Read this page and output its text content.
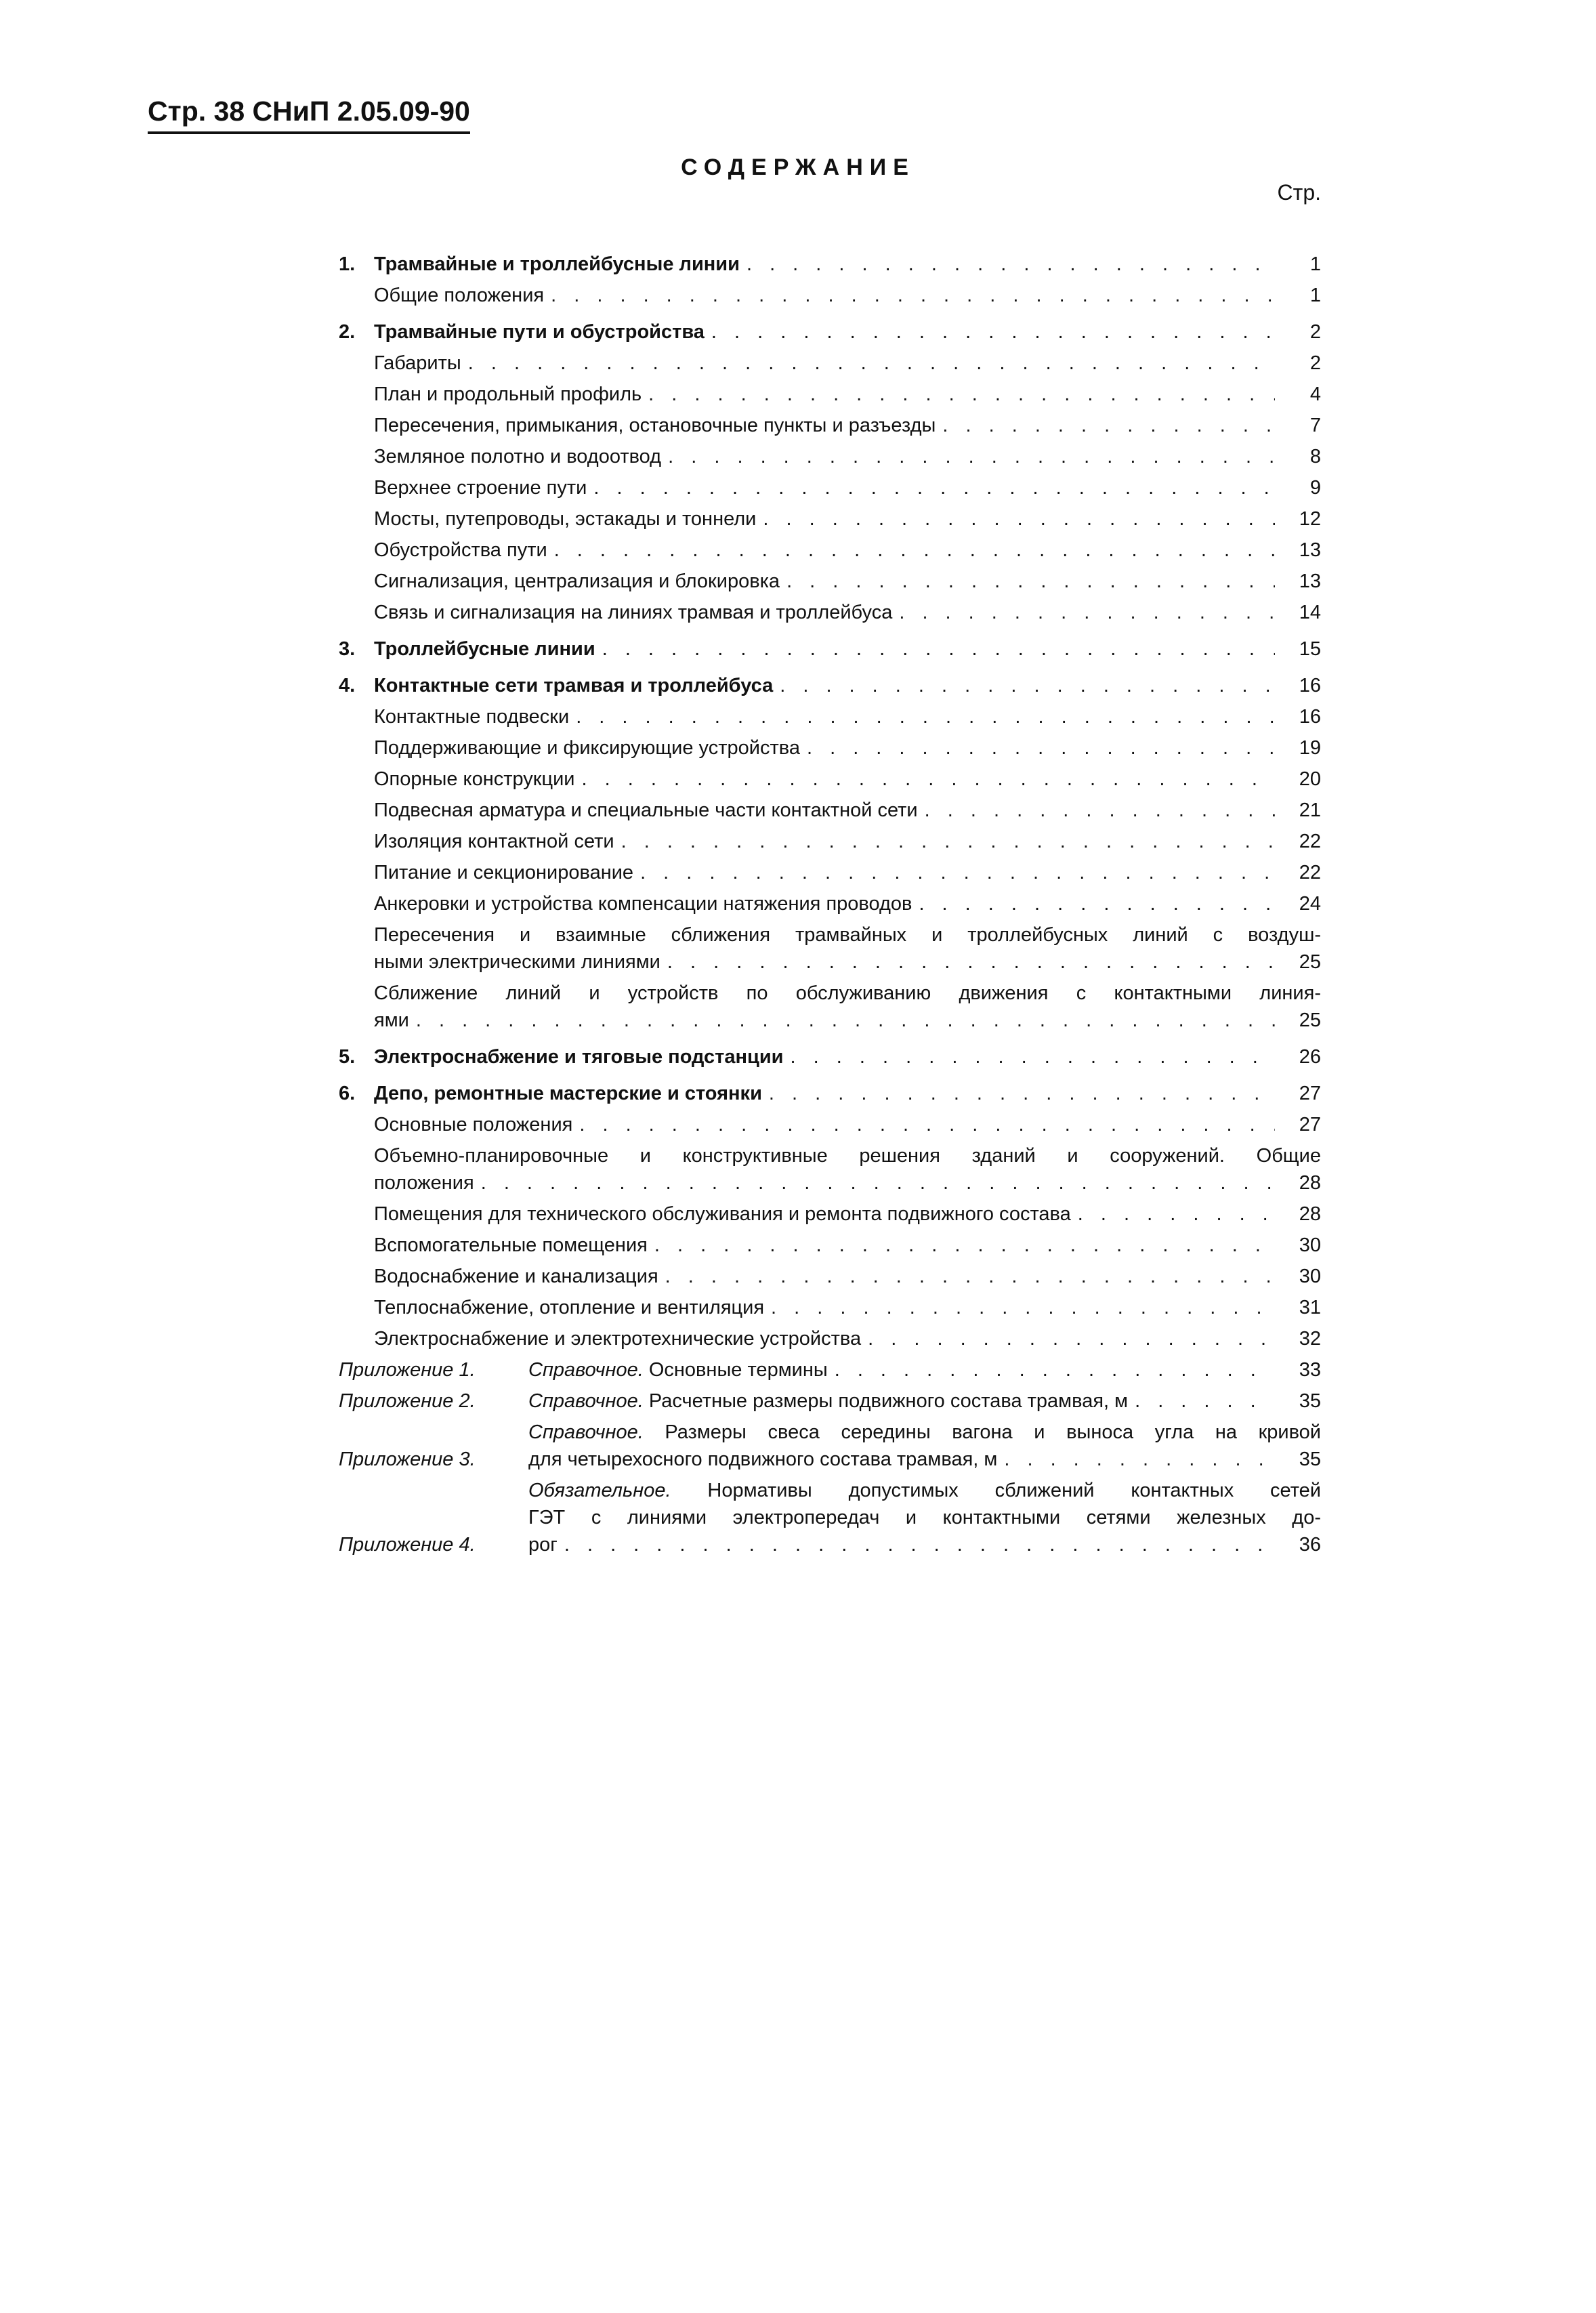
Стр. 38 СНиП 2.05.09-90
СОДЕРЖАНИЕ
Стр.
1. Трамвайные и троллейбусные линии . . .	1
Общие положения . . .	1
2. Трамвайные пути и обустройства . . .	2
Габариты . . .	2
План и продольный профиль . . .	4
Пересечения, примыкания, остановочные пункты и разъезды . . .	7
Земляное полотно и водоотвод . . .	8
Верхнее строение пути . . .	9
Мосты, путепроводы, эстакады и тоннели . . .	12
Обустройства пути . . .	13
Сигнализация, централизация и блокировка . . .	13
Связь и сигнализация на линиях трамвая и троллейбуса . . .	14
3. Троллейбусные линии . . .	15
4. Контактные сети трамвая и троллейбуса . . .	16
Контактные подвески . . .	16
Поддерживающие и фиксирующие устройства . . .	19
Опорные конструкции . . .	20
Подвесная арматура и специальные части контактной сети . . .	21
Изоляция контактной сети . . .	22
Питание и секционирование . . .	22
Анкеровки и устройства компенсации натяжения проводов . . .	24
Пересечения и взаимные сближения трамвайных и троллейбусных линий с воздуш-
ными электрическими линиями . . .	25
Сближение линий и устройств по обслуживанию движения с контактными линия-
ями . . .	25
5. Электроснабжение и тяговые подстанции . . .	26
6. Депо, ремонтные мастерские и стоянки . . .	27
Основные положения . . .	27
Объемно-планировочные и конструктивные решения зданий и сооружений. Общие
положения . . .	28
Помещения для технического обслуживания и ремонта подвижного состава . . .	28
Вспомогательные помещения . . .	30
Водоснабжение и канализация . . .	30
Теплоснабжение, отопление и вентиляция . . .	31
Электроснабжение и электротехнические устройства . . .	32
Приложение 1.	Справочное. Основные термины . . .	33
Приложение 2.	Справочное. Расчетные размеры подвижного состава трамвая, м . . .	35
Приложение 3.
Справочное. Размеры свеса середины вагона и выноса угла на кривой
для четырехосного подвижного состава трамвая, м . . .	35
Приложение 4.
Обязательное. Нормативы допустимых сближений контактных сетей
ГЭТ с линиями электропередач и контактными сетями железных до-
рог . . .	36
